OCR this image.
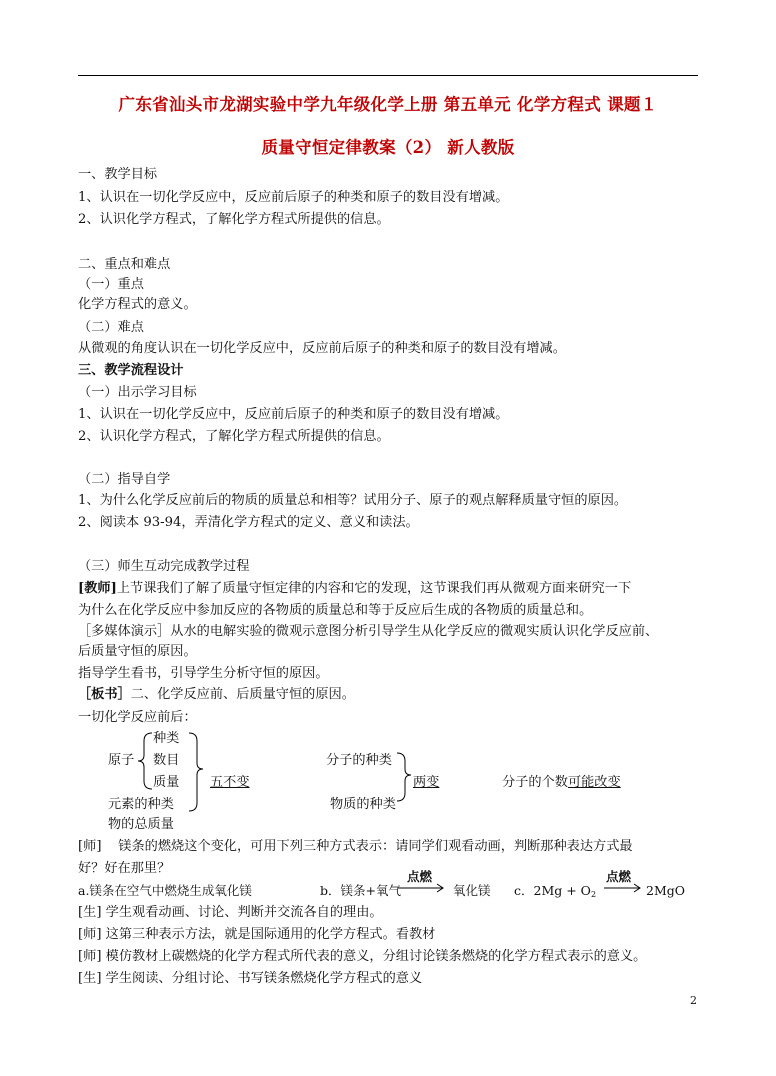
广东省汕头市龙湖实验中学九年级化学上册 第五单元 化学方程式 课题１
质量守恒定律教案（2） 新人教版
一、教学目标
1、认识在一切化学反应中，反应前后原子的种类和原子的数目没有增减。
2、认识化学方程式，了解化学方程式所提供的信息。
二、重点和难点
（一）重点
化学方程式的意义。
（二）难点
从微观的角度认识在一切化学反应中，反应前后原子的种类和原子的数目没有增减。
三、教学流程设计
（一）出示学习目标
1、认识在一切化学反应中，反应前后原子的种类和原子的数目没有增减。
2、认识化学方程式，了解化学方程式所提供的信息。
（二）指导自学
1、为什么化学反应前后的物质的质量总和相等？试用分子、原子的观点解释质量守恒的原因。
2、阅读本 93-94，弄清化学方程式的定义、意义和读法。
（三）师生互动完成教学过程
[教师]上节课我们了解了质量守恒定律的内容和它的发现，这节课我们再从微观方面来研究一下
为什么在化学反应中参加反应的各物质的质量总和等于反应后生成的各物质的质量总和。
［多媒体演示］从水的电解实验的微观示意图分析引导学生从化学反应的微观实质认识化学反应前、
后质量守恒的原因。
指导学生看书，引导学生分析守恒的原因。
［板书］二、化学反应前、后质量守恒的原因。
一切化学反应前后：
原子
种类
数目
质量 五不变
分子的种类
两变	分子的个数可能改变
元素的种类
物的总质量
物质的种类
[师] 镁条的燃烧这个变化，可用下列三种方式表示：请同学们观看动画，判断那种表达方式最
好？好在那里？
a.镁条在空气中燃烧生成氧化镁	b．镁条+氧气
点燃
氧化镁 c．$2Mg + O_2$
点燃
2MgO
[生] 学生观看动画、讨论、判断并交流各自的理由。
[师] 这第三种表示方法，就是国际通用的化学方程式。看教材
[师] 模仿教材上碳燃烧的化学方程式所代表的意义，分组讨论镁条燃烧的化学方程式表示的意义。
[生] 学生阅读、分组讨论、书写镁条燃烧化学方程式的意义
2
